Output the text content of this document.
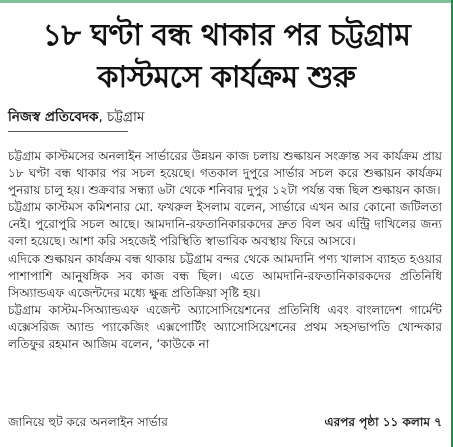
১৮ ঘণ্টা বন্ধ থাকার পর চট্টগ্রাম
কাস্টমসে কার্যক্রম শুরু
নিজস্ব প্রতিবেদক, চট্টগ্রাম

চট্টগ্রাম কাস্টমসের অনলাইন সার্ভারের উন্নয়ন কাজ চলায় শুল্কায়ন সংক্রান্ত সব কার্যক্রম প্রায় ১৮ ঘণ্টা বন্ধ থাকার পর সচল হয়েছে। গতকাল দুপুরে সার্ভার সচল করে শুল্কায়ন কার্যক্রম পুনরায় চালু হয়। শুক্রবার সন্ধ্যা ৬টা থেকে শনিবার দুপুর ১২টা পর্যন্ত বন্ধ ছিল শুল্কায়ন কাজ।

চট্টগ্রাম কাস্টমস কমিশনার মো. ফখরুল ইসলাম বলেন, সার্ভারে এখন আর কোনো জটিলতা নেই। পুরোপুরি সচল আছে। আমদানি-রফতানিকারকদের দ্রুত বিল অব এন্ট্রি দাখিলের জন্য বলা হয়েছে। আশা করি সহজেই পরিস্থিতি স্বাভাবিক অবস্থায় ফিরে আসবে।

এদিকে শুল্কায়ন কার্যক্রম বন্ধ থাকায় চট্টগ্রাম বন্দর থেকে আমদানি পণ্য খালাস ব্যাহত হওয়ার পাশাপাশি আনুষঙ্গিক সব কাজ বন্ধ ছিল। এতে আমদানি-রফতানিকারকদের প্রতিনিধি সিঅ্যান্ডএফ এজেন্টদের মধ্যে ক্ষুব্ধ প্রতিক্রিয়া সৃষ্টি হয়।

চট্টগ্রাম কাস্টম-সিঅ্যান্ডএফ এজেন্ট অ্যাসোসিয়েশনের প্রতিনিধি এবং বাংলাদেশ গার্মেন্ট এক্সেসরিজ অ্যান্ড প্যাকেজিং এক্সপোর্টিং অ্যাসোসিয়েশনের প্রথম সহসভাপতি খোন্দকার লতিফুর রহমান আজিম বলেন, ‘কাউকে না

জানিয়ে হুট করে অনলাইন সার্ভার	এরপর পৃষ্ঠা ১১ কলাম ৭
